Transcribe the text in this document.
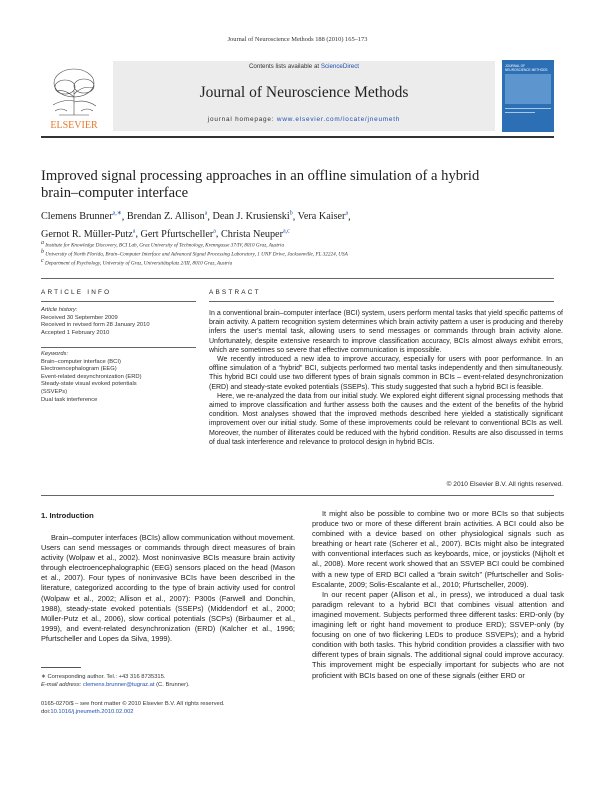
Journal of Neuroscience Methods 188 (2010) 165–173
ELSEVIER
Contents lists available at ScienceDirect
Journal of Neuroscience Methods
journal homepage: www.elsevier.com/locate/jneumeth
JOURNAL OF NEUROSCIENCE METHODS
Improved signal processing approaches in an offline simulation of a hybrid
brain–computer interface
Clemens Brunner$^{a,∗}$, Brendan Z. Allison$^a$, Dean J. Krusienski$^b$, Vera Kaiser$^a$,
Gernot R. Müller-Putz$^a$, Gert Pfurtscheller$^a$, Christa Neuper$^{a,c}$
$^a$ Institute for Knowledge Discovery, BCI Lab, Graz University of Technology, Krenngasse 37/IV, 8010 Graz, Austria
$^b$ University of North Florida, Brain–Computer Interface and Advanced Signal Processing Laboratory, 1 UNF Drive, Jacksonville, FL 32224, USA
$^c$ Department of Psychology, University of Graz, Universitätsplatz 2/III, 8010 Graz, Austria
ARTICLE INFO
Article history:
Received 30 September 2009
Received in revised form 28 January 2010
Accepted 1 February 2010
Keywords:
Brain–computer interface (BCI)
Electroencephalogram (EEG)
Event-related desynchronization (ERD)
Steady-state visual evoked potentials
(SSVEPs)
Dual task interference
ABSTRACT

In a conventional brain–computer interface (BCI) system, users perform mental tasks that yield specific patterns of brain activity. A pattern recognition system determines which brain activity pattern a user is producing and thereby infers the user's mental task, allowing users to send messages or commands through brain activity alone. Unfortunately, despite extensive research to improve classification accuracy, BCIs almost always exhibit errors, which are sometimes so severe that effective communication is impossible.

We recently introduced a new idea to improve accuracy, especially for users with poor performance. In an offline simulation of a “hybrid” BCI, subjects performed two mental tasks independently and then simultaneously. This hybrid BCI could use two different types of brain signals common in BCIs – event-related desynchronization (ERD) and steady-state evoked potentials (SSEPs). This study suggested that such a hybrid BCI is feasible.

Here, we re-analyzed the data from our initial study. We explored eight different signal processing methods that aimed to improve classification and further assess both the causes and the extent of the benefits of the hybrid condition. Most analyses showed that the improved methods described here yielded a statistically significant improvement over our initial study. Some of these improvements could be relevant to conventional BCIs as well. Moreover, the number of illiterates could be reduced with the hybrid condition. Results are also discussed in terms of dual task interference and relevance to protocol design in hybrid BCIs.

© 2010 Elsevier B.V. All rights reserved.
1. Introduction

Brain–computer interfaces (BCIs) allow communication without movement. Users can send messages or commands through direct measures of brain activity (Wolpaw et al., 2002). Most noninvasive BCIs measure brain activity through electroencephalographic (EEG) sensors placed on the head (Mason et al., 2007). Four types of noninvasive BCIs have been described in the literature, categorized according to the type of brain activity used for control (Wolpaw et al., 2002; Allison et al., 2007): P300s (Farwell and Donchin, 1988), steady-state evoked potentials (SSEPs) (Middendorf et al., 2000; Müller-Putz et al., 2006), slow cortical potentials (SCPs) (Birbaumer et al., 1999), and event-related desynchronization (ERD) (Kalcher et al., 1996; Pfurtscheller and Lopes da Silva, 1999).

It might also be possible to combine two or more BCIs so that subjects produce two or more of these different brain activities. A BCI could also be combined with a device based on other physiological signals such as breathing or heart rate (Scherer et al., 2007). BCIs might also be integrated with conventional interfaces such as keyboards, mice, or joysticks (Nijholt et al., 2008). More recent work showed that an SSVEP BCI could be combined with a new type of ERD BCI called a “brain switch” (Pfurtscheller and Solis-Escalante, 2009; Solis-Escalante et al., 2010; Pfurtscheller, 2009).

In our recent paper (Allison et al., in press), we introduced a dual task paradigm relevant to a hybrid BCI that combines visual attention and imagined movement. Subjects performed three different tasks: ERD-only (by imagining left or right hand movement to produce ERD); SSVEP-only (by focusing on one of two flickering LEDs to produce SSVEPs); and a hybrid condition with both tasks. This hybrid condition provides a classifier with two different types of brain signals. The additional signal could improve accuracy. This improvement might be especially important for subjects who are not proficient with BCIs based on one of these signals (either ERD or

∗ Corresponding author. Tel.: +43 316 8735315.
E-mail address: clemens.brunner@tugraz.at (C. Brunner).
0165-0270/$ – see front matter © 2010 Elsevier B.V. All rights reserved.
doi:10.1016/j.jneumeth.2010.02.002
